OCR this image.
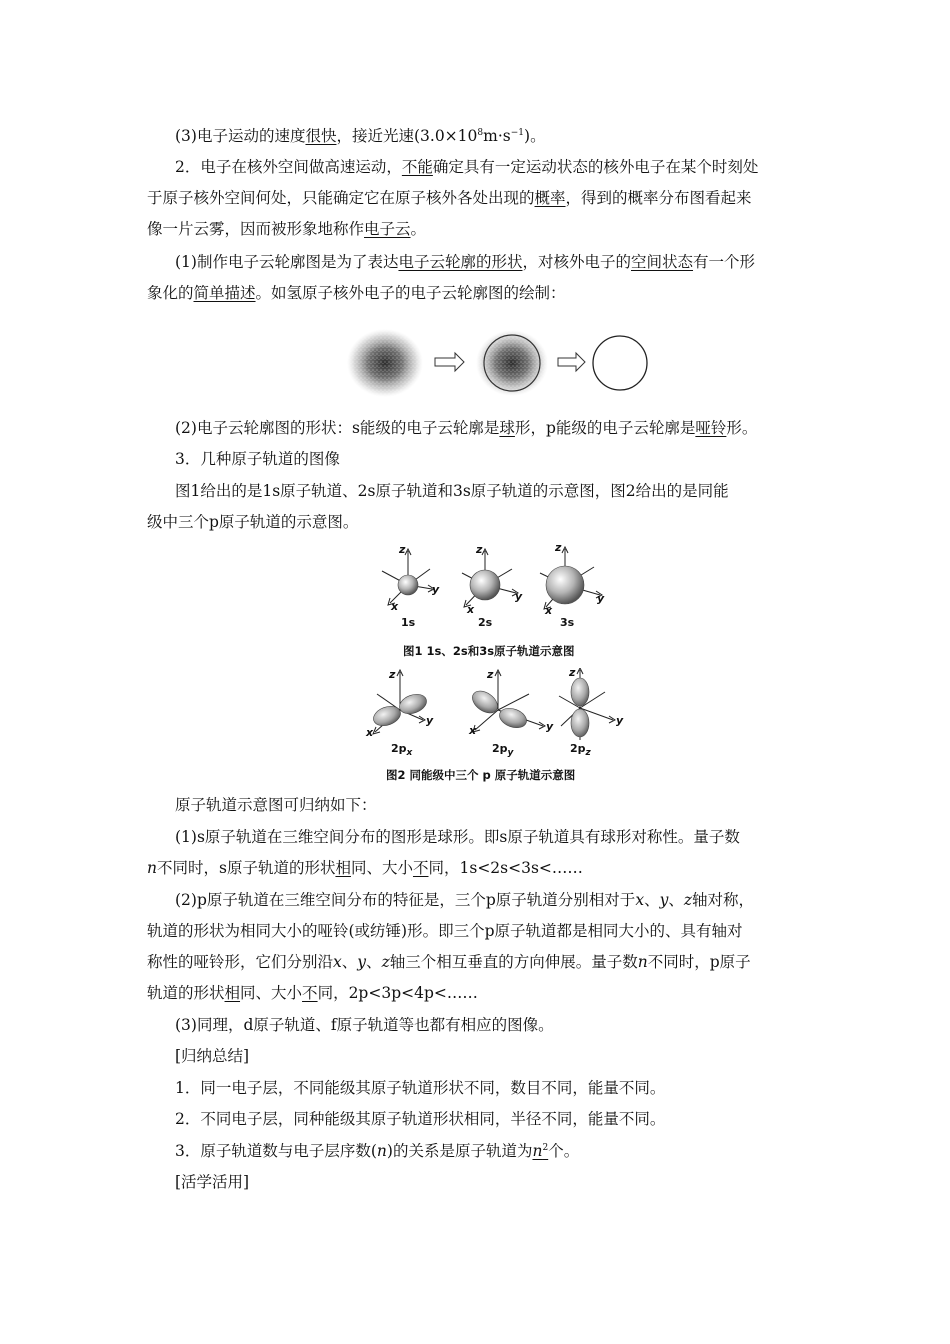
(3)电子运动的速度很快，接近光速$(3.0\times 10^8m\cdot s^{-1})$。
2．电子在核外空间做高速运动，不能确定具有一定运动状态的核外电子在某个时刻处
于原子核外空间何处，只能确定它在原子核外各处出现的概率，得到的概率分布图看起来
像一片云雾，因而被形象地称作电子云。
(1)制作电子云轮廓图是为了表达电子云轮廓的形状，对核外电子的空间状态有一个形
象化的简单描述。如氢原子核外电子的电子云轮廓图的绘制：
(2)电子云轮廓图的形状：s能级的电子云轮廓是球形，p能级的电子云轮廓是哑铃形。
3．几种原子轨道的图像
图1给出的是1s原子轨道、2s原子轨道和3s原子轨道的示意图，图2给出的是同能
级中三个p原子轨道的示意图。
z	z	z
y
y	y
x	x	x
1s	2s	3s
图1 1s、2s和3s原子轨道示意图
z	z	z
y	y	y
x	x
$2p_x$	$2p_y$	$2p_z$
图2 同能级中三个 p 原子轨道示意图
原子轨道示意图可归纳如下：
(1)s原子轨道在三维空间分布的图形是球形。即s原子轨道具有球形对称性。量子数
n不同时，s原子轨道的形状相同、大小不同，1s<2s<3s<……
(2)p原子轨道在三维空间分布的特征是，三个p原子轨道分别相对于x、y、z轴对称，
轨道的形状为相同大小的哑铃(或纺锤)形。即三个p原子轨道都是相同大小的、具有轴对
称性的哑铃形，它们分别沿x、y、z轴三个相互垂直的方向伸展。量子数n不同时，p原子
轨道的形状相同、大小不同，2p<3p<4p<……
(3)同理，d原子轨道、f原子轨道等也都有相应的图像。
[归纳总结]
1．同一电子层，不同能级其原子轨道形状不同，数目不同，能量不同。
2．不同电子层，同种能级其原子轨道形状相同，半径不同，能量不同。
3．原子轨道数与电子层序数(n)的关系是原子轨道为$n^2$个。
[活学活用]
